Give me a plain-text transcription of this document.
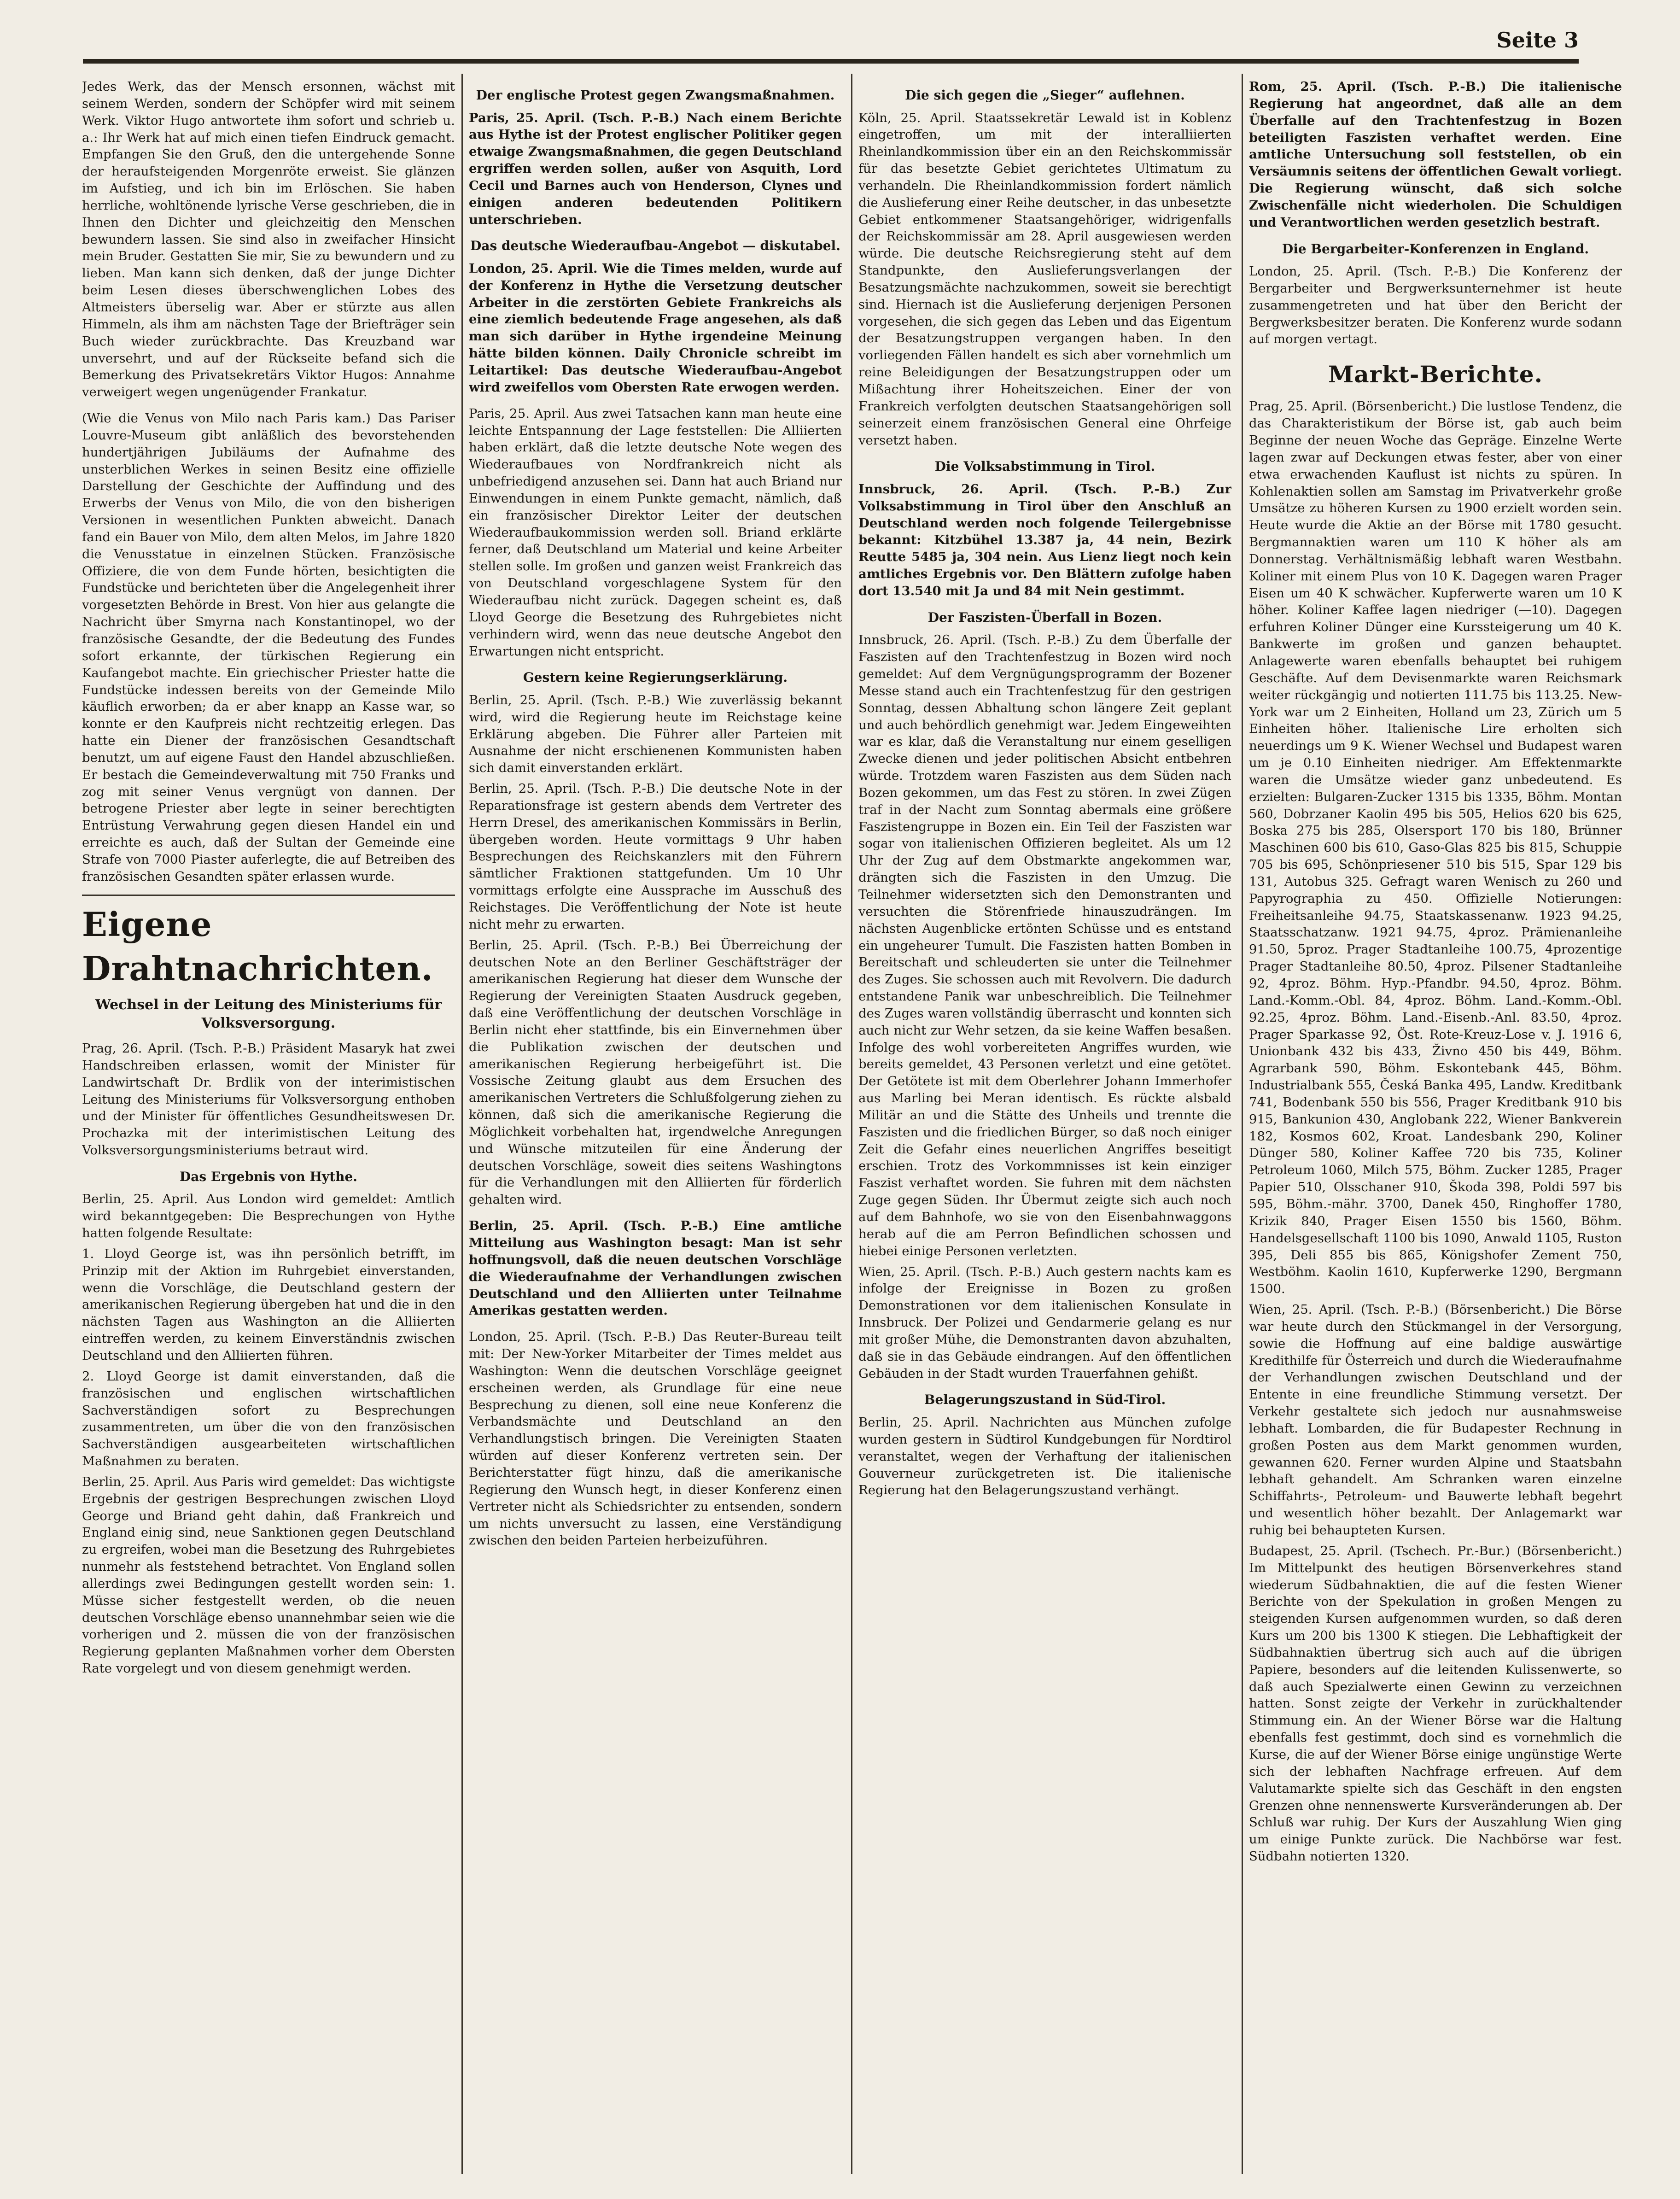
Seite 3

Jedes Werk, das der Mensch ersonnen, wächst mit seinem Werden, sondern der Schöpfer wird mit seinem Werk. Viktor Hugo antwortete ihm sofort und schrieb u. a.: Ihr Werk hat auf mich einen tiefen Eindruck gemacht. Empfangen Sie den Gruß, den die untergehende Sonne der heraufsteigenden Morgenröte erweist. Sie glänzen im Aufstieg, und ich bin im Erlöschen. Sie haben herrliche, wohltönende lyrische Verse geschrieben, die in Ihnen den Dichter und gleichzeitig den Menschen bewundern lassen. Sie sind also in zweifacher Hinsicht mein Bruder. Gestatten Sie mir, Sie zu bewundern und zu lieben. Man kann sich denken, daß der junge Dichter beim Lesen dieses überschwenglichen Lobes des Altmeisters überselig war. Aber er stürzte aus allen Himmeln, als ihm am nächsten Tage der Briefträger sein Buch wieder zurückbrachte. Das Kreuzband war unversehrt, und auf der Rückseite befand sich die Bemerkung des Privatsekretärs Viktor Hugos: Annahme verweigert wegen ungenügender Frankatur.

(Wie die Venus von Milo nach Paris kam.) Das Pariser Louvre-Museum gibt anläßlich des bevorstehenden hundertjährigen Jubiläums der Aufnahme des unsterblichen Werkes in seinen Besitz eine offizielle Darstellung der Geschichte der Auffindung und des Erwerbs der Venus von Milo, die von den bisherigen Versionen in wesentlichen Punkten abweicht. Danach fand ein Bauer von Milo, dem alten Melos, im Jahre 1820 die Venusstatue in einzelnen Stücken. Französische Offiziere, die von dem Funde hörten, besichtigten die Fundstücke und berichteten über die Angelegenheit ihrer vorgesetzten Behörde in Brest. Von hier aus gelangte die Nachricht über Smyrna nach Konstantinopel, wo der französische Gesandte, der die Bedeutung des Fundes sofort erkannte, der türkischen Regierung ein Kaufangebot machte. Ein griechischer Priester hatte die Fundstücke indessen bereits von der Gemeinde Milo käuflich erworben; da er aber knapp an Kasse war, so konnte er den Kaufpreis nicht rechtzeitig erlegen. Das hatte ein Diener der französischen Gesandtschaft benutzt, um auf eigene Faust den Handel abzuschließen. Er bestach die Gemeindeverwaltung mit 750 Franks und zog mit seiner Venus vergnügt von dannen. Der betrogene Priester aber legte in seiner berechtigten Entrüstung Verwahrung gegen diesen Handel ein und erreichte es auch, daß der Sultan der Gemeinde eine Strafe von 7000 Piaster auferlegte, die auf Betreiben des französischen Gesandten später erlassen wurde.

Eigene Drahtnachrichten.
Wechsel in der Leitung des Ministeriums für Volksversorgung.

Prag, 26. April. (Tsch. P.-B.) Präsident Masaryk hat zwei Handschreiben erlassen, womit der Minister für Landwirtschaft Dr. Brdlik von der interimistischen Leitung des Ministeriums für Volksversorgung enthoben und der Minister für öffentliches Gesundheitswesen Dr. Prochazka mit der interimistischen Leitung des Volksversorgungsministeriums betraut wird.

Das Ergebnis von Hythe.

Berlin, 25. April. Aus London wird gemeldet: Amtlich wird bekanntgegeben: Die Besprechungen von Hythe hatten folgende Resultate:

1. Lloyd George ist, was ihn persönlich betrifft, im Prinzip mit der Aktion im Ruhrgebiet einverstanden, wenn die Vorschläge, die Deutschland gestern der amerikanischen Regierung übergeben hat und die in den nächsten Tagen aus Washington an die Alliierten eintreffen werden, zu keinem Einverständnis zwischen Deutschland und den Alliierten führen.

2. Lloyd George ist damit einverstanden, daß die französischen und englischen wirtschaftlichen Sachverständigen sofort zu Besprechungen zusammentreten, um über die von den französischen Sachverständigen ausgearbeiteten wirtschaftlichen Maßnahmen zu beraten.

Berlin, 25. April. Aus Paris wird gemeldet: Das wichtigste Ergebnis der gestrigen Besprechungen zwischen Lloyd George und Briand geht dahin, daß Frankreich und England einig sind, neue Sanktionen gegen Deutschland zu ergreifen, wobei man die Besetzung des Ruhrgebietes nunmehr als feststehend betrachtet. Von England sollen allerdings zwei Bedingungen gestellt worden sein: 1. Müsse sicher festgestellt werden, ob die neuen deutschen Vorschläge ebenso unannehmbar seien wie die vorherigen und 2. müssen die von der französischen Regierung geplanten Maßnahmen vorher dem Obersten Rate vorgelegt und von diesem genehmigt werden.

Der englische Protest gegen Zwangsmaßnahmen.

Paris, 25. April. (Tsch. P.-B.) Nach einem Berichte aus Hythe ist der Protest englischer Politiker gegen etwaige Zwangsmaßnahmen, die gegen Deutschland ergriffen werden sollen, außer von Asquith, Lord Cecil und Barnes auch von Henderson, Clynes und einigen anderen bedeutenden Politikern unterschrieben.

Das deutsche Wiederaufbau-Angebot — diskutabel.

London, 25. April. Wie die Times melden, wurde auf der Konferenz in Hythe die Versetzung deutscher Arbeiter in die zerstörten Gebiete Frankreichs als eine ziemlich bedeutende Frage angesehen, als daß man sich darüber in Hythe irgendeine Meinung hätte bilden können. Daily Chronicle schreibt im Leitartikel: Das deutsche Wiederaufbau-Angebot wird zweifellos vom Obersten Rate erwogen werden.

Paris, 25. April. Aus zwei Tatsachen kann man heute eine leichte Entspannung der Lage feststellen: Die Alliierten haben erklärt, daß die letzte deutsche Note wegen des Wiederaufbaues von Nordfrankreich nicht als unbefriedigend anzusehen sei. Dann hat auch Briand nur Einwendungen in einem Punkte gemacht, nämlich, daß ein französischer Direktor Leiter der deutschen Wiederaufbaukommission werden soll. Briand erklärte ferner, daß Deutschland um Material und keine Arbeiter stellen solle. Im großen und ganzen weist Frankreich das von Deutschland vorgeschlagene System für den Wiederaufbau nicht zurück. Dagegen scheint es, daß Lloyd George die Besetzung des Ruhrgebietes nicht verhindern wird, wenn das neue deutsche Angebot den Erwartungen nicht entspricht.

Gestern keine Regierungserklärung.

Berlin, 25. April. (Tsch. P.-B.) Wie zuverlässig bekannt wird, wird die Regierung heute im Reichstage keine Erklärung abgeben. Die Führer aller Parteien mit Ausnahme der nicht erschienenen Kommunisten haben sich damit einverstanden erklärt.

Berlin, 25. April. (Tsch. P.-B.) Die deutsche Note in der Reparationsfrage ist gestern abends dem Vertreter des Herrn Dresel, des amerikanischen Kommissärs in Berlin, übergeben worden. Heute vormittags 9 Uhr haben Besprechungen des Reichskanzlers mit den Führern sämtlicher Fraktionen stattgefunden. Um 10 Uhr vormittags erfolgte eine Aussprache im Ausschuß des Reichstages. Die Veröffentlichung der Note ist heute nicht mehr zu erwarten.

Berlin, 25. April. (Tsch. P.-B.) Bei Überreichung der deutschen Note an den Berliner Geschäftsträger der amerikanischen Regierung hat dieser dem Wunsche der Regierung der Vereinigten Staaten Ausdruck gegeben, daß eine Veröffentlichung der deutschen Vorschläge in Berlin nicht eher stattfinde, bis ein Einvernehmen über die Publikation zwischen der deutschen und amerikanischen Regierung herbeigeführt ist. Die Vossische Zeitung glaubt aus dem Ersuchen des amerikanischen Vertreters die Schlußfolgerung ziehen zu können, daß sich die amerikanische Regierung die Möglichkeit vorbehalten hat, irgendwelche Anregungen und Wünsche mitzuteilen für eine Änderung der deutschen Vorschläge, soweit dies seitens Washingtons für die Verhandlungen mit den Alliierten für förderlich gehalten wird.

Berlin, 25. April. (Tsch. P.-B.) Eine amtliche Mitteilung aus Washington besagt: Man ist sehr hoffnungsvoll, daß die neuen deutschen Vorschläge die Wiederaufnahme der Verhandlungen zwischen Deutschland und den Alliierten unter Teilnahme Amerikas gestatten werden.

London, 25. April. (Tsch. P.-B.) Das Reuter-Bureau teilt mit: Der New-Yorker Mitarbeiter der Times meldet aus Washington: Wenn die deutschen Vorschläge geeignet erscheinen werden, als Grundlage für eine neue Besprechung zu dienen, soll eine neue Konferenz die Verbandsmächte und Deutschland an den Verhandlungstisch bringen. Die Vereinigten Staaten würden auf dieser Konferenz vertreten sein. Der Berichterstatter fügt hinzu, daß die amerikanische Regierung den Wunsch hegt, in dieser Konferenz einen Vertreter nicht als Schiedsrichter zu entsenden, sondern um nichts unversucht zu lassen, eine Verständigung zwischen den beiden Parteien herbeizuführen.

Die sich gegen die „Sieger“ auflehnen.

Köln, 25. April. Staatssekretär Lewald ist in Koblenz eingetroffen, um mit der interalliierten Rheinlandkommission über ein an den Reichskommissär für das besetzte Gebiet gerichtetes Ultimatum zu verhandeln. Die Rheinlandkommission fordert nämlich die Auslieferung einer Reihe deutscher, in das unbesetzte Gebiet entkommener Staatsangehöriger, widrigenfalls der Reichskommissär am 28. April ausgewiesen werden würde. Die deutsche Reichsregierung steht auf dem Standpunkte, den Auslieferungsverlangen der Besatzungsmächte nachzukommen, soweit sie berechtigt sind. Hiernach ist die Auslieferung derjenigen Personen vorgesehen, die sich gegen das Leben und das Eigentum der Besatzungstruppen vergangen haben. In den vorliegenden Fällen handelt es sich aber vornehmlich um reine Beleidigungen der Besatzungstruppen oder um Mißachtung ihrer Hoheitszeichen. Einer der von Frankreich verfolgten deutschen Staatsangehörigen soll seinerzeit einem französischen General eine Ohrfeige versetzt haben.

Die Volksabstimmung in Tirol.

Innsbruck, 26. April. (Tsch. P.-B.) Zur Volksabstimmung in Tirol über den Anschluß an Deutschland werden noch folgende Teilergebnisse bekannt: Kitzbühel 13.387 ja, 44 nein, Bezirk Reutte 5485 ja, 304 nein. Aus Lienz liegt noch kein amtliches Ergebnis vor. Den Blättern zufolge haben dort 13.540 mit Ja und 84 mit Nein gestimmt.

Der Faszisten-Überfall in Bozen.

Innsbruck, 26. April. (Tsch. P.-B.) Zu dem Überfalle der Faszisten auf den Trachtenfestzug in Bozen wird noch gemeldet: Auf dem Vergnügungsprogramm der Bozener Messe stand auch ein Trachtenfestzug für den gestrigen Sonntag, dessen Abhaltung schon längere Zeit geplant und auch behördlich genehmigt war. Jedem Eingeweihten war es klar, daß die Veranstaltung nur einem geselligen Zwecke dienen und jeder politischen Absicht entbehren würde. Trotzdem waren Faszisten aus dem Süden nach Bozen gekommen, um das Fest zu stören. In zwei Zügen traf in der Nacht zum Sonntag abermals eine größere Faszistengruppe in Bozen ein. Ein Teil der Faszisten war sogar von italienischen Offizieren begleitet. Als um 12 Uhr der Zug auf dem Obstmarkte angekommen war, drängten sich die Faszisten in den Umzug. Die Teilnehmer widersetzten sich den Demonstranten und versuchten die Störenfriede hinauszudrängen. Im nächsten Augenblicke ertönten Schüsse und es entstand ein ungeheurer Tumult. Die Faszisten hatten Bomben in Bereitschaft und schleuderten sie unter die Teilnehmer des Zuges. Sie schossen auch mit Revolvern. Die dadurch entstandene Panik war unbeschreiblich. Die Teilnehmer des Zuges waren vollständig überrascht und konnten sich auch nicht zur Wehr setzen, da sie keine Waffen besaßen. Infolge des wohl vorbereiteten Angriffes wurden, wie bereits gemeldet, 43 Personen verletzt und eine getötet. Der Getötete ist mit dem Oberlehrer Johann Immerhofer aus Marling bei Meran identisch. Es rückte alsbald Militär an und die Stätte des Unheils und trennte die Faszisten und die friedlichen Bürger, so daß noch einiger Zeit die Gefahr eines neuerlichen Angriffes beseitigt erschien. Trotz des Vorkommnisses ist kein einziger Faszist verhaftet worden. Sie fuhren mit dem nächsten Zuge gegen Süden. Ihr Übermut zeigte sich auch noch auf dem Bahnhofe, wo sie von den Eisenbahnwaggons herab auf die am Perron Befindlichen schossen und hiebei einige Personen verletzten.

Wien, 25. April. (Tsch. P.-B.) Auch gestern nachts kam es infolge der Ereignisse in Bozen zu großen Demonstrationen vor dem italienischen Konsulate in Innsbruck. Der Polizei und Gendarmerie gelang es nur mit großer Mühe, die Demonstranten davon abzuhalten, daß sie in das Gebäude eindrangen. Auf den öffentlichen Gebäuden in der Stadt wurden Trauerfahnen gehißt.

Belagerungszustand in Süd-Tirol.

Berlin, 25. April. Nachrichten aus München zufolge wurden gestern in Südtirol Kundgebungen für Nordtirol veranstaltet, wegen der Verhaftung der italienischen Gouverneur zurückgetreten ist. Die italienische Regierung hat den Belagerungszustand verhängt.

Rom, 25. April. (Tsch. P.-B.) Die italienische Regierung hat angeordnet, daß alle an dem Überfalle auf den Trachtenfestzug in Bozen beteiligten Faszisten verhaftet werden. Eine amtliche Untersuchung soll feststellen, ob ein Versäumnis seitens der öffentlichen Gewalt vorliegt. Die Regierung wünscht, daß sich solche Zwischenfälle nicht wiederholen. Die Schuldigen und Verantwortlichen werden gesetzlich bestraft.

Die Bergarbeiter-Konferenzen in England.

London, 25. April. (Tsch. P.-B.) Die Konferenz der Bergarbeiter und Bergwerksunternehmer ist heute zusammengetreten und hat über den Bericht der Bergwerksbesitzer beraten. Die Konferenz wurde sodann auf morgen vertagt.

Markt-Berichte.

Prag, 25. April. (Börsenbericht.) Die lustlose Tendenz, die das Charakteristikum der Börse ist, gab auch beim Beginne der neuen Woche das Gepräge. Einzelne Werte lagen zwar auf Deckungen etwas fester, aber von einer etwa erwachenden Kauflust ist nichts zu spüren. In Kohlenaktien sollen am Samstag im Privatverkehr große Umsätze zu höheren Kursen zu 1900 erzielt worden sein. Heute wurde die Aktie an der Börse mit 1780 gesucht. Bergmannaktien waren um 110 K höher als am Donnerstag. Verhältnismäßig lebhaft waren Westbahn. Koliner mit einem Plus von 10 K. Dagegen waren Prager Eisen um 40 K schwächer. Kupferwerte waren um 10 K höher. Koliner Kaffee lagen niedriger (—10). Dagegen erfuhren Koliner Dünger eine Kurssteigerung um 40 K. Bankwerte im großen und ganzen behauptet. Anlagewerte waren ebenfalls behauptet bei ruhigem Geschäfte. Auf dem Devisenmarkte waren Reichsmark weiter rückgängig und notierten 111.75 bis 113.25. New-York war um 2 Einheiten, Holland um 23, Zürich um 5 Einheiten höher. Italienische Lire erholten sich neuerdings um 9 K. Wiener Wechsel und Budapest waren um je 0.10 Einheiten niedriger. Am Effektenmarkte waren die Umsätze wieder ganz unbedeutend. Es erzielten: Bulgaren-Zucker 1315 bis 1335, Böhm. Montan 560, Dobrzaner Kaolin 495 bis 505, Helios 620 bis 625, Boska 275 bis 285, Olsersport 170 bis 180, Brünner Maschinen 600 bis 610, Gaso-Glas 825 bis 815, Schuppie 705 bis 695, Schönpriesener 510 bis 515, Spar 129 bis 131, Autobus 325. Gefragt waren Wenisch zu 260 und Papyrographia zu 450. Offizielle Notierungen: Freiheitsanleihe 94.75, Staatskassenanw. 1923 94.25, Staatsschatzanw. 1921 94.75, 4proz. Prämienanleihe 91.50, 5proz. Prager Stadtanleihe 100.75, 4prozentige Prager Stadtanleihe 80.50, 4proz. Pilsener Stadtanleihe 92, 4proz. Böhm. Hyp.-Pfandbr. 94.50, 4proz. Böhm. Land.-Komm.-Obl. 84, 4proz. Böhm. Land.-Komm.-Obl. 92.25, 4proz. Böhm. Land.-Eisenb.-Anl. 83.50, 4proz. Prager Sparkasse 92, Öst. Rote-Kreuz-Lose v. J. 1916 6, Unionbank 432 bis 433, Živno 450 bis 449, Böhm. Agrarbank 590, Böhm. Eskontebank 445, Böhm. Industrialbank 555, Česká Banka 495, Landw. Kreditbank 741, Bodenbank 550 bis 556, Prager Kreditbank 910 bis 915, Bankunion 430, Anglobank 222, Wiener Bankverein 182, Kosmos 602, Kroat. Landesbank 290, Koliner Dünger 580, Koliner Kaffee 720 bis 735, Koliner Petroleum 1060, Milch 575, Böhm. Zucker 1285, Prager Papier 510, Olsschaner 910, Škoda 398, Poldi 597 bis 595, Böhm.-mähr. 3700, Danek 450, Ringhoffer 1780, Krizik 840, Prager Eisen 1550 bis 1560, Böhm. Handelsgesellschaft 1100 bis 1090, Anwald 1105, Ruston 395, Deli 855 bis 865, Königshofer Zement 750, Westböhm. Kaolin 1610, Kupferwerke 1290, Bergmann 1500.

Wien, 25. April. (Tsch. P.-B.) (Börsenbericht.) Die Börse war heute durch den Stückmangel in der Versorgung, sowie die Hoffnung auf eine baldige auswärtige Kredithilfe für Österreich und durch die Wiederaufnahme der Verhandlungen zwischen Deutschland und der Entente in eine freundliche Stimmung versetzt. Der Verkehr gestaltete sich jedoch nur ausnahmsweise lebhaft. Lombarden, die für Budapester Rechnung in großen Posten aus dem Markt genommen wurden, gewannen 620. Ferner wurden Alpine und Staatsbahn lebhaft gehandelt. Am Schranken waren einzelne Schiffahrts-, Petroleum- und Bauwerte lebhaft begehrt und wesentlich höher bezahlt. Der Anlagemarkt war ruhig bei behaupteten Kursen.

Budapest, 25. April. (Tschech. Pr.-Bur.) (Börsenbericht.) Im Mittelpunkt des heutigen Börsenverkehres stand wiederum Südbahnaktien, die auf die festen Wiener Berichte von der Spekulation in großen Mengen zu steigenden Kursen aufgenommen wurden, so daß deren Kurs um 200 bis 1300 K stiegen. Die Lebhaftigkeit der Südbahnaktien übertrug sich auch auf die übrigen Papiere, besonders auf die leitenden Kulissenwerte, so daß auch Spezialwerte einen Gewinn zu verzeichnen hatten. Sonst zeigte der Verkehr in zurückhaltender Stimmung ein. An der Wiener Börse war die Haltung ebenfalls fest gestimmt, doch sind es vornehmlich die Kurse, die auf der Wiener Börse einige ungünstige Werte sich der lebhaften Nachfrage erfreuen. Auf dem Valutamarkte spielte sich das Geschäft in den engsten Grenzen ohne nennenswerte Kursveränderungen ab. Der Schluß war ruhig. Der Kurs der Auszahlung Wien ging um einige Punkte zurück. Die Nachbörse war fest. Südbahn notierten 1320.
